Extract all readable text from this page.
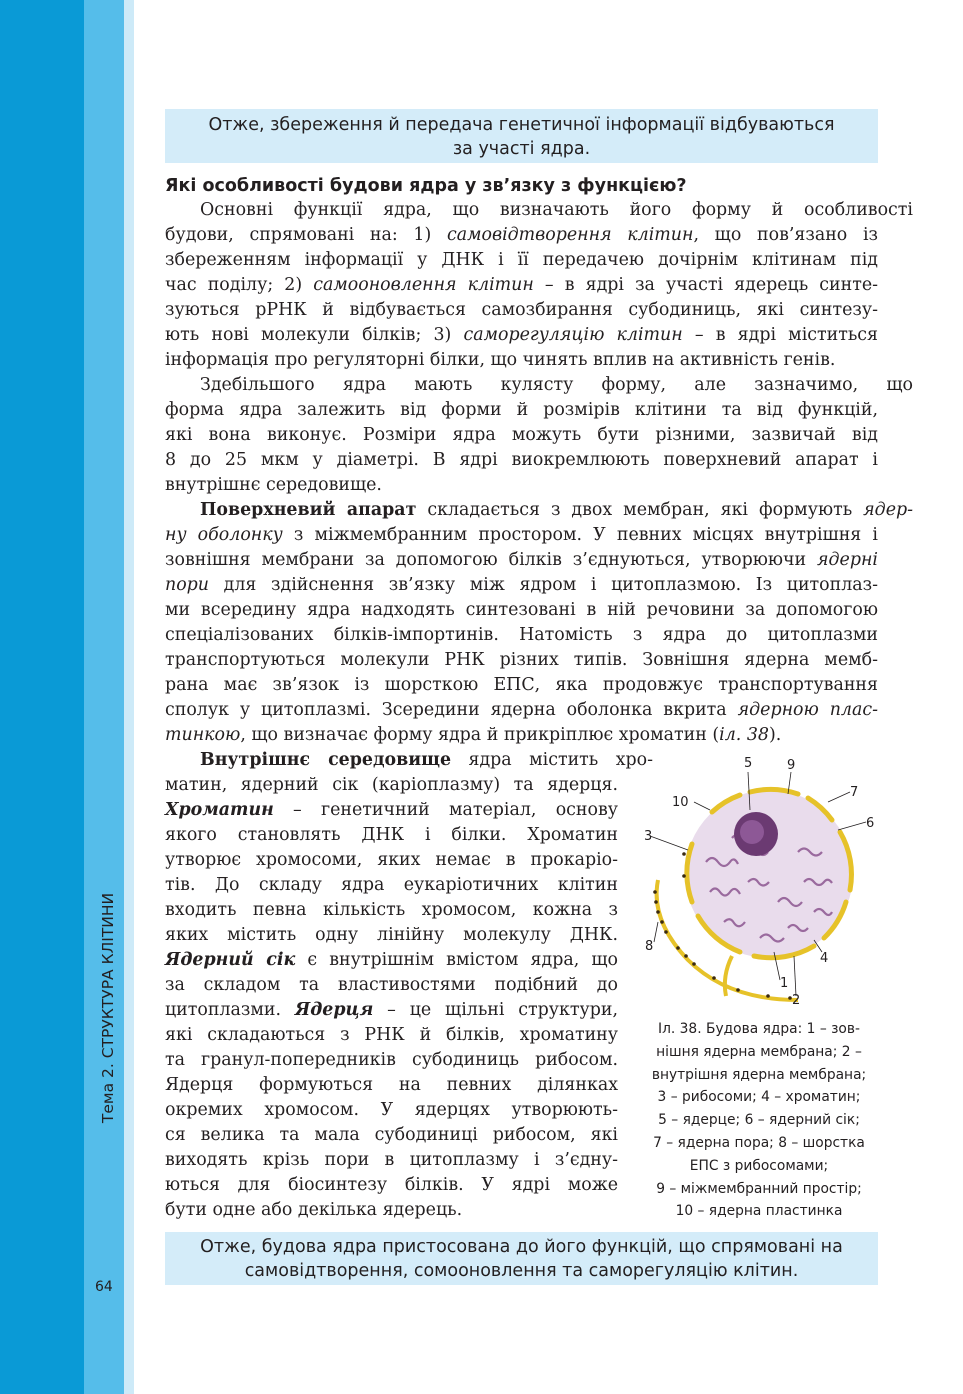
Тема 2. СТРУКТУРА КЛІТИНИ
64

Отже, збереження й передача генетичної інформації відбуваються

за участі ядра.

Які особливості будови ядра у зв’язку з функцією?
Основні функції ядра, що визначають його форму й особливості
будови, спрямовані на: 1) самовідтворення клітин, що пов’язано із
збереженням інформації у ДНК і її передачею дочірнім клітинам під
час поділу; 2) самооновлення клітин – в ядрі за участі ядерець синте-
зуються рРНК й відбувається самозбирання субодиниць, які синтезу-
ють нові молекули білків; 3) саморегуляцію клітин – в ядрі міститься
інформація про регуляторні білки, що чинять вплив на активність генів.
Здебільшого ядра мають кулясту форму, але зазначимо, що
форма ядра залежить від форми й розмірів клітини та від функцій,
які вона виконує. Розміри ядра можуть бути різними, зазвичай від
8 до 25 мкм у діаметрі. В ядрі виокремлюють поверхневий апарат і
внутрішнє середовище.
Поверхневий апарат складається з двох мембран, які формують ядер-
ну оболонку з міжмембранним простором. У певних місцях внутрішня і
зовнішня мембрани за допомогою білків з’єднуються, утворюючи ядерні
пори для здійснення зв’язку між ядром і цитоплазмою. Із цитоплаз-
ми всередину ядра надходять синтезовані в ній речовини за допомогою
спеціалізованих білків-імпортинів. Натомість з ядра до цитоплазми
транспортуються молекули РНК різних типів. Зовнішня ядерна мемб-
рана має зв’язок із шорсткою ЕПС, яка продовжує транспортування
сполук у цитоплазмі. Зсередини ядерна оболонка вкрита ядерною плас-
тинкою, що визначає форму ядра й прикріплює хроматин (іл. 38).
Внутрішнє середовище ядра містить хро-
матин, ядерний сік (каріоплазму) та ядерця.
Хроматин – генетичний матеріал, основу
якого становлять ДНК і білки. Хроматин
утворює хромосоми, яких немає в прокаріо-
тів. До складу ядра еукаріотичних клітин
входить певна кількість хромосом, кожна з
яких містить одну лінійну молекулу ДНК.
Ядерний сік є внутрішнім вмістом ядра, що
за складом та властивостями подібний до
цитоплазми. Ядерця – це щільні структури,
які складаються з РНК й білків, хроматину
та гранул-попередників субодиниць рибосом.
Ядерця формуються на певних ділянках
окремих хромосом. У ядерцях утворюють-
ся велика та мала субодиниці рибосом, які
виходять крізь пори в цитоплазму і з’єдну-
ються для біосинтезу білків. У ядрі може
бути одне або декілька ядерець.
5	9
7
6
10
3
4
8
1
2
Іл. 38. Будова ядра: 1 – зов-
нішня ядерна мембрана; 2 –
внутрішня ядерна мембрана;
3 – рибосоми; 4 – хроматин;
5 – ядерце; 6 – ядерний сік;
7 – ядерна пора; 8 – шорстка
ЕПС з рибосомами;
9 – міжмембранний простір;
10 – ядерна пластинка

Отже, будова ядра пристосована до його функцій, що спрямовані на

самовідтворення, сомооновлення та саморегуляцію клітин.
